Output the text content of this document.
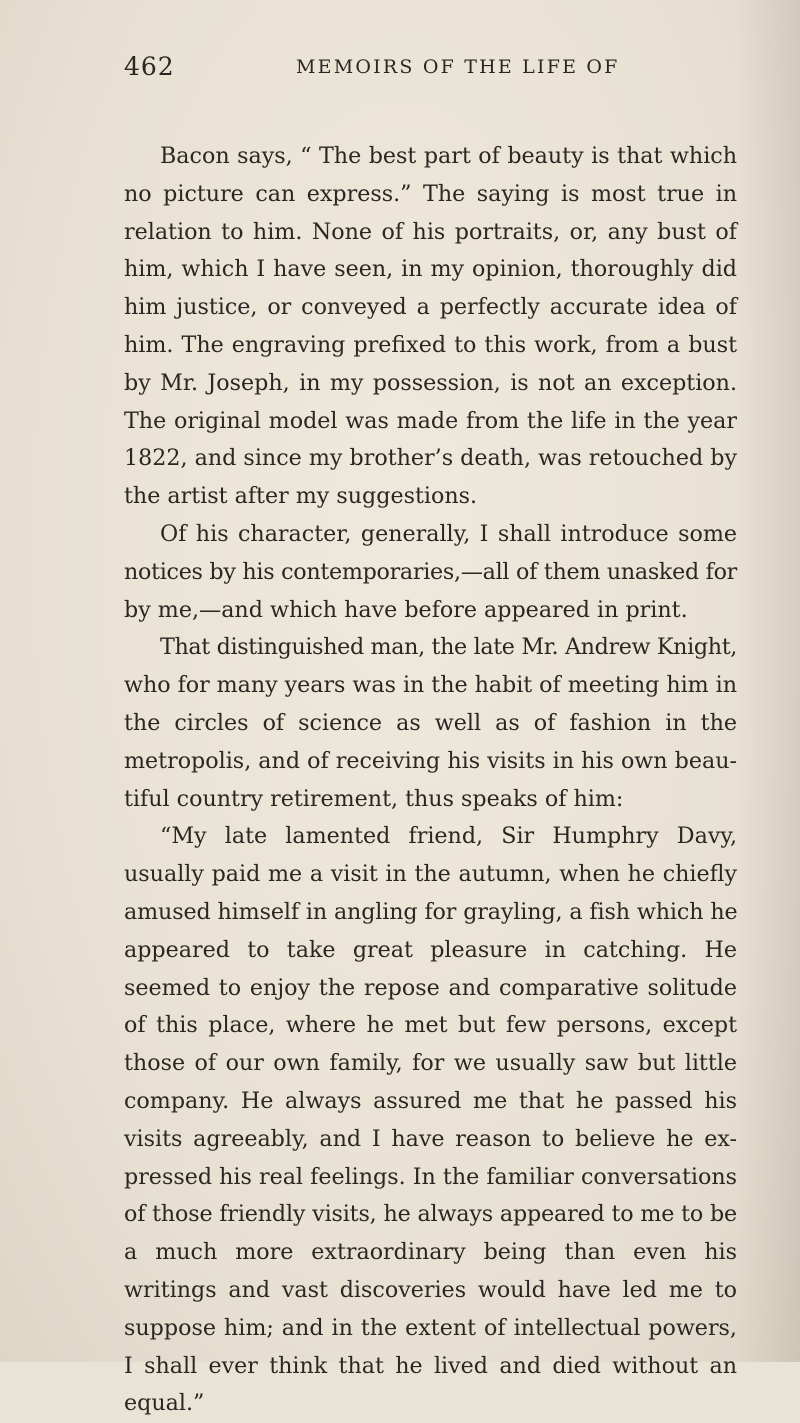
462	MEMOIRS OF THE LIFE OF
Bacon says, “ The best part of beauty is that which
no picture can express.” The saying is most true in
relation to him. None of his portraits, or, any bust of
him, which I have seen, in my opinion, thoroughly did
him justice, or conveyed a perfectly accurate idea of
him. The engraving prefixed to this work, from a bust
by Mr. Joseph, in my possession, is not an exception.
The original model was made from the life in the year
1822, and since my brother’s death, was retouched by
the artist after my suggestions.
Of his character, generally, I shall introduce some
notices by his contemporaries,—all of them unasked for
by me,—and which have before appeared in print.
That distinguished man, the late Mr. Andrew Knight,
who for many years was in the habit of meeting him in
the circles of science as well as of fashion in the
metropolis, and of receiving his visits in his own beau-
tiful country retirement, thus speaks of him:
“My late lamented friend, Sir Humphry Davy,
usually paid me a visit in the autumn, when he chiefly
amused himself in angling for grayling, a fish which he
appeared to take great pleasure in catching. He
seemed to enjoy the repose and comparative solitude
of this place, where he met but few persons, except
those of our own family, for we usually saw but little
company. He always assured me that he passed his
visits agreeably, and I have reason to believe he ex-
pressed his real feelings. In the familiar conversations
of those friendly visits, he always appeared to me to be
a much more extraordinary being than even his
writings and vast discoveries would have led me to
suppose him; and in the extent of intellectual powers,
I shall ever think that he lived and died without an
equal.”
